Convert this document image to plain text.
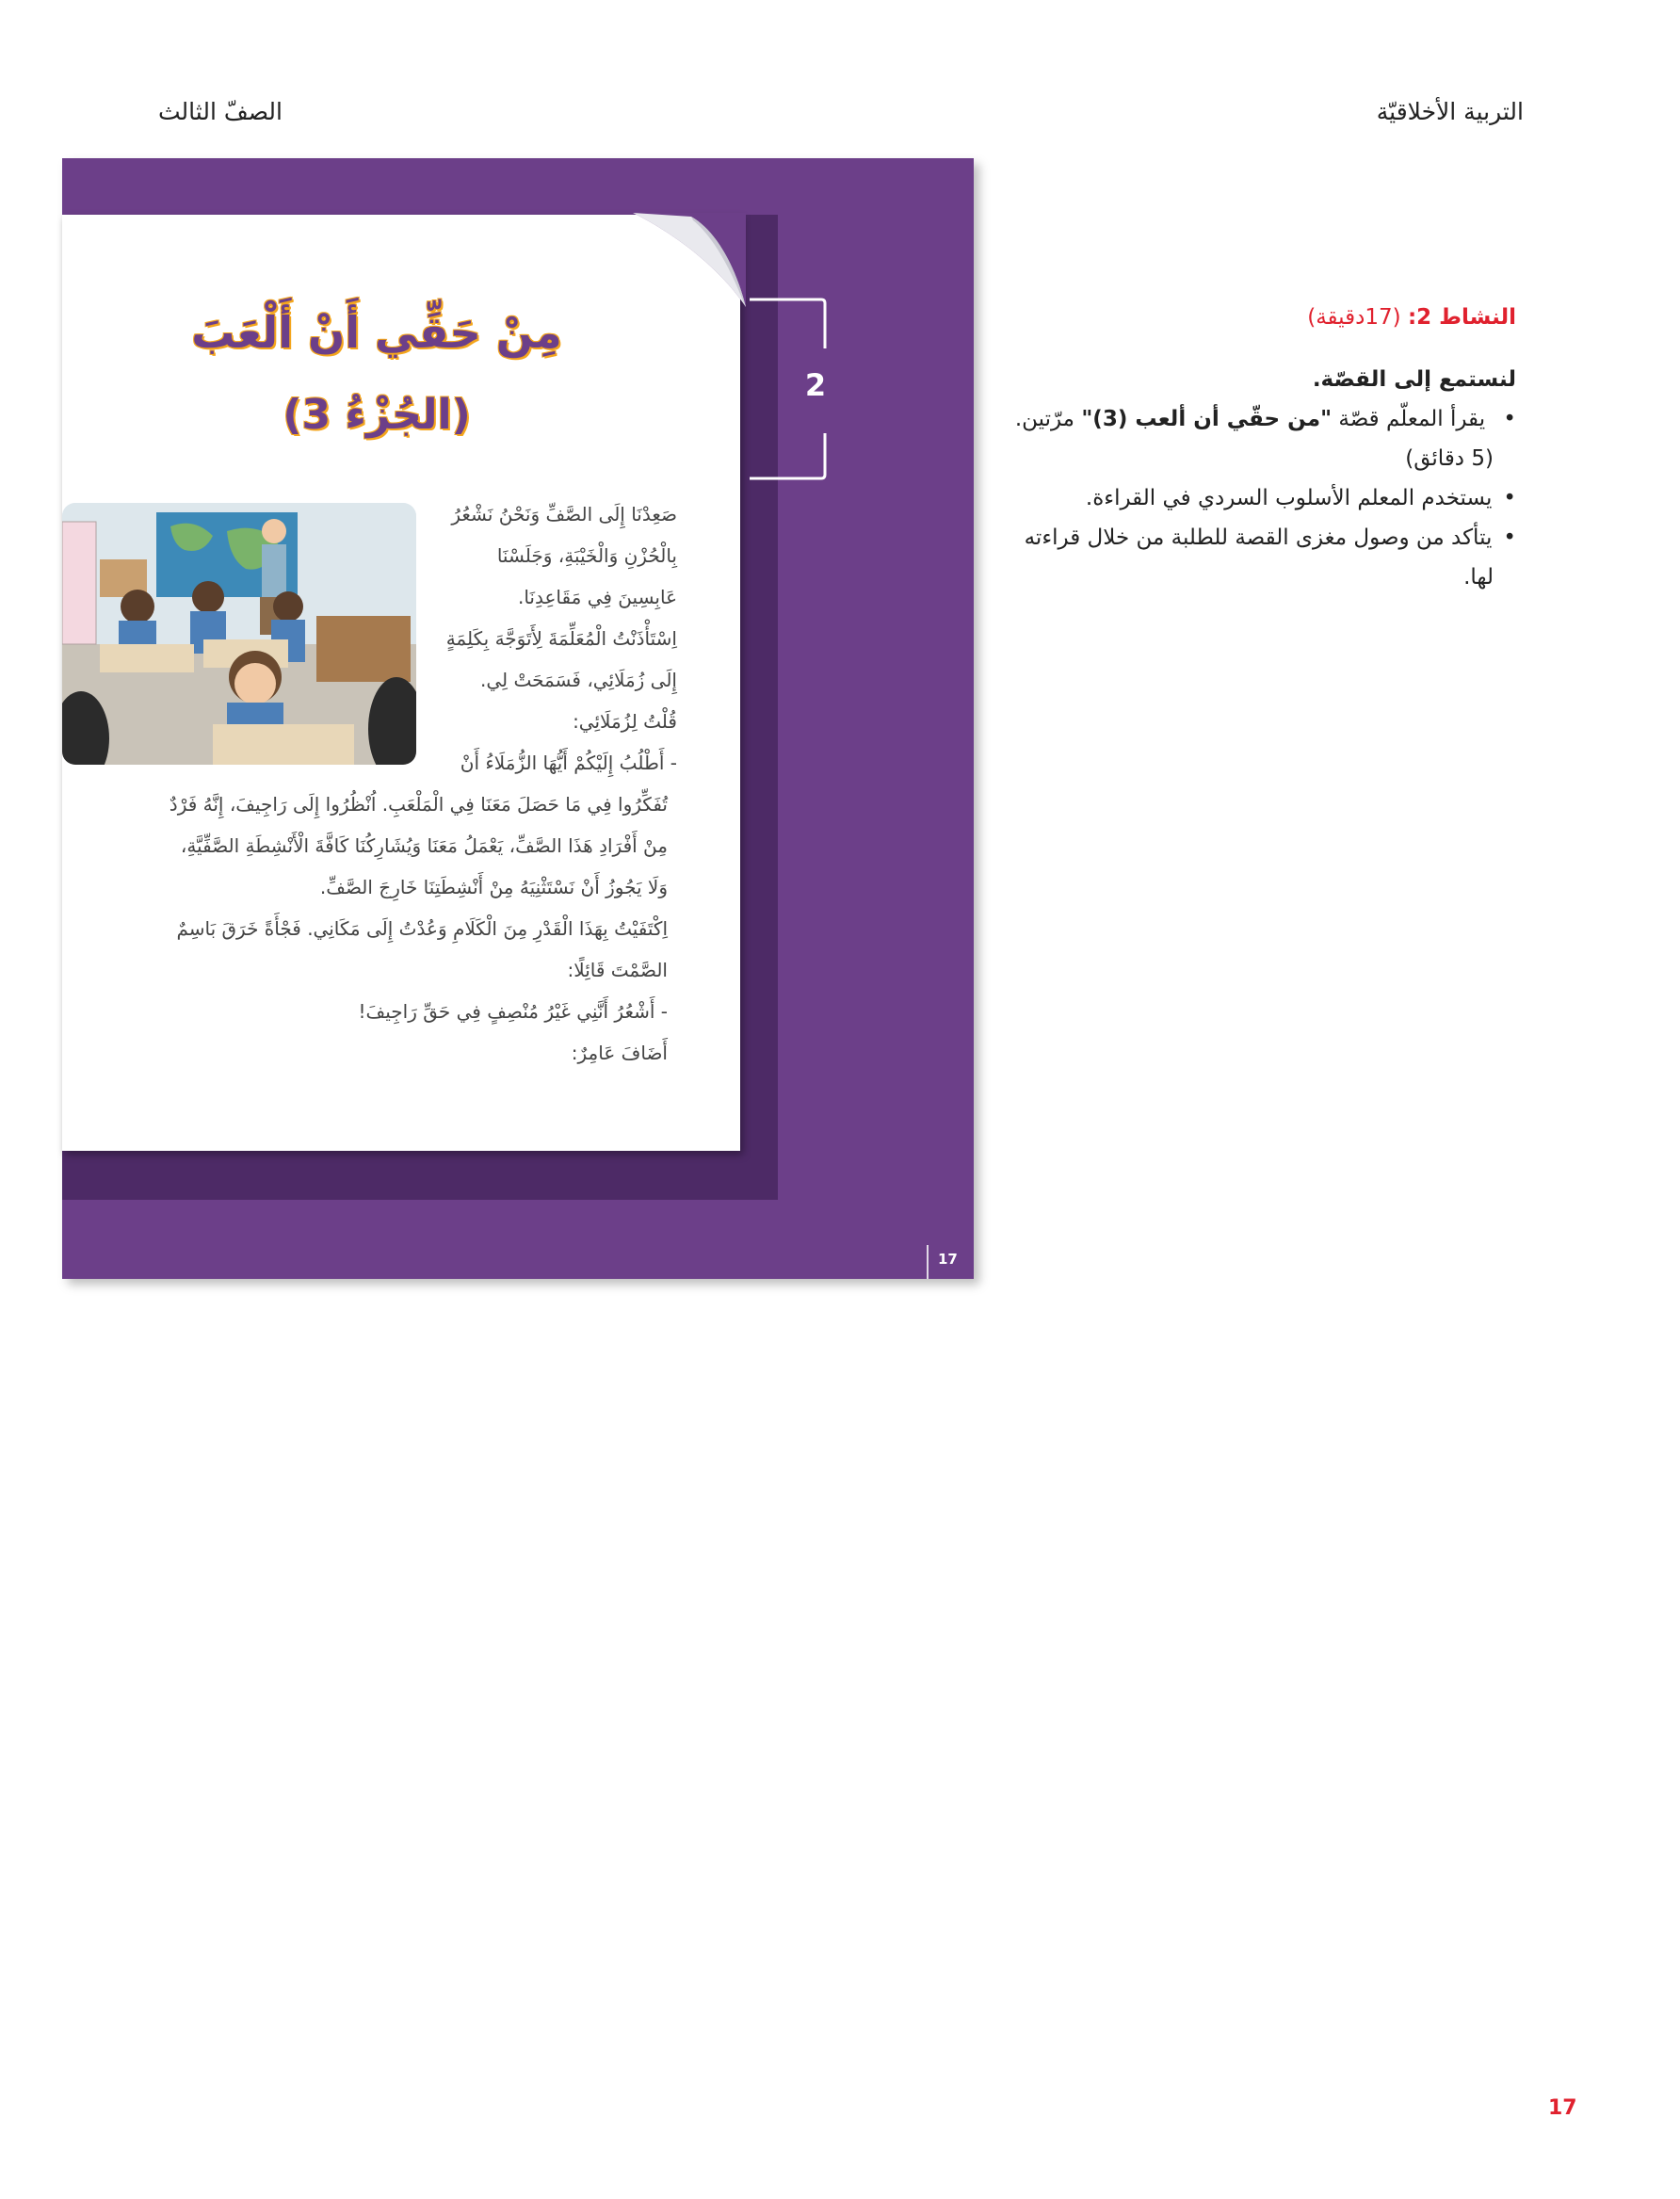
التربية الأخلاقيّة
الصفّ الثالث
2
17
مِنْ حَقِّي أَنْ أَلْعَبَ
(الجُزْءُ 3)
صَعِدْنَا إِلَى الصَّفِّ وَنَحْنُ نَشْعُرُ
بِالْحُزْنِ وَالْخَيْبَةِ، وَجَلَسْنَا
عَابِسِينَ فِي مَقَاعِدِنَا.
اِسْتَأْذَنْتُ الْمُعَلِّمَةَ لِأَتَوَجَّهَ بِكَلِمَةٍ
إِلَى زُمَلَائِي، فَسَمَحَتْ لِي.
قُلْتُ لِزُمَلَائِي:
- أَطْلُبُ إِلَيْكُمْ أَيُّهَا الزُّمَلَاءُ أَنْ
تُفَكِّرُوا فِي مَا حَصَلَ مَعَنَا فِي الْمَلْعَبِ. اُنْظُرُوا إِلَى رَاجِيفَ، إِنَّهُ فَرْدٌ
مِنْ أَفْرَادِ هَذَا الصَّفِّ، يَعْمَلُ مَعَنَا وَيُشَارِكُنَا كَافَّةَ الْأَنْشِطَةِ الصَّفِّيَّةِ،
وَلَا يَجُوزُ أَنْ نَسْتَثْنِيَهُ مِنْ أَنْشِطَتِنَا خَارِجَ الصَّفِّ.
اِكْتَفَيْتُ بِهَذَا الْقَدْرِ مِنَ الْكَلَامِ وَعُدْتُ إِلَى مَكَانِي. فَجْأَةً خَرَقَ بَاسِمٌ
الصَّمْتَ قَائِلًا:
- أَشْعُرُ أَنَّنِي غَيْرُ مُنْصِفٍ فِي حَقِّ رَاجِيفَ!
أَضَافَ عَامِرٌ:
النشاط 2: (17دقيقة)
لنستمع إلى القصّة.
• يقرأ المعلّم قصّة "من حقّي أن ألعب (3)" مرّتين.
(5 دقائق)
• يستخدم المعلم الأسلوب السردي في القراءة.
• يتأكد من وصول مغزى القصة للطلبة من خلال قراءته
لها.
17
